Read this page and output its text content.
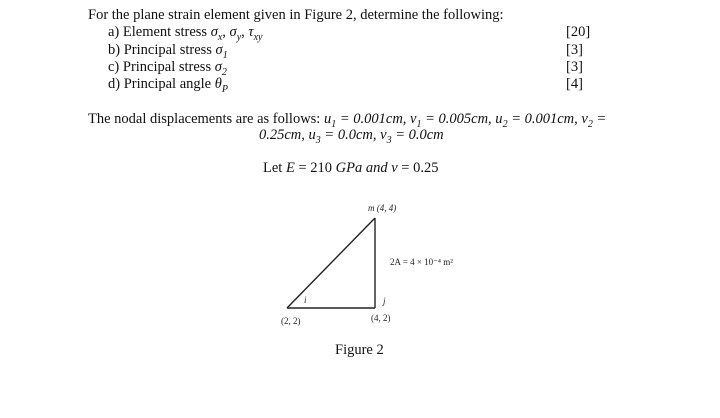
For the plane strain element given in Figure 2, determine the following:
a) Element stress $\sigma_x$, $\sigma_y$, $\tau_{xy}$	[20]
b) Principal stress $\sigma_1$	[3]
c) Principal stress $\sigma_2$	[3]
d) Principal angle $\theta_P$	[4]
The nodal displacements are as follows: $u_1 = 0.001cm$, $v_1 = 0.005cm$, $u_2 = 0.001cm$, $v_2$ =
0.25cm, $u_3 = 0.0cm$, $v_3 = 0.0cm$
Let E = 210 GPa and v = 0.25
m (4, 4)
2A = 4 × 10⁻⁴ m²
i	j
(2, 2)	(4, 2)
Figure 2
